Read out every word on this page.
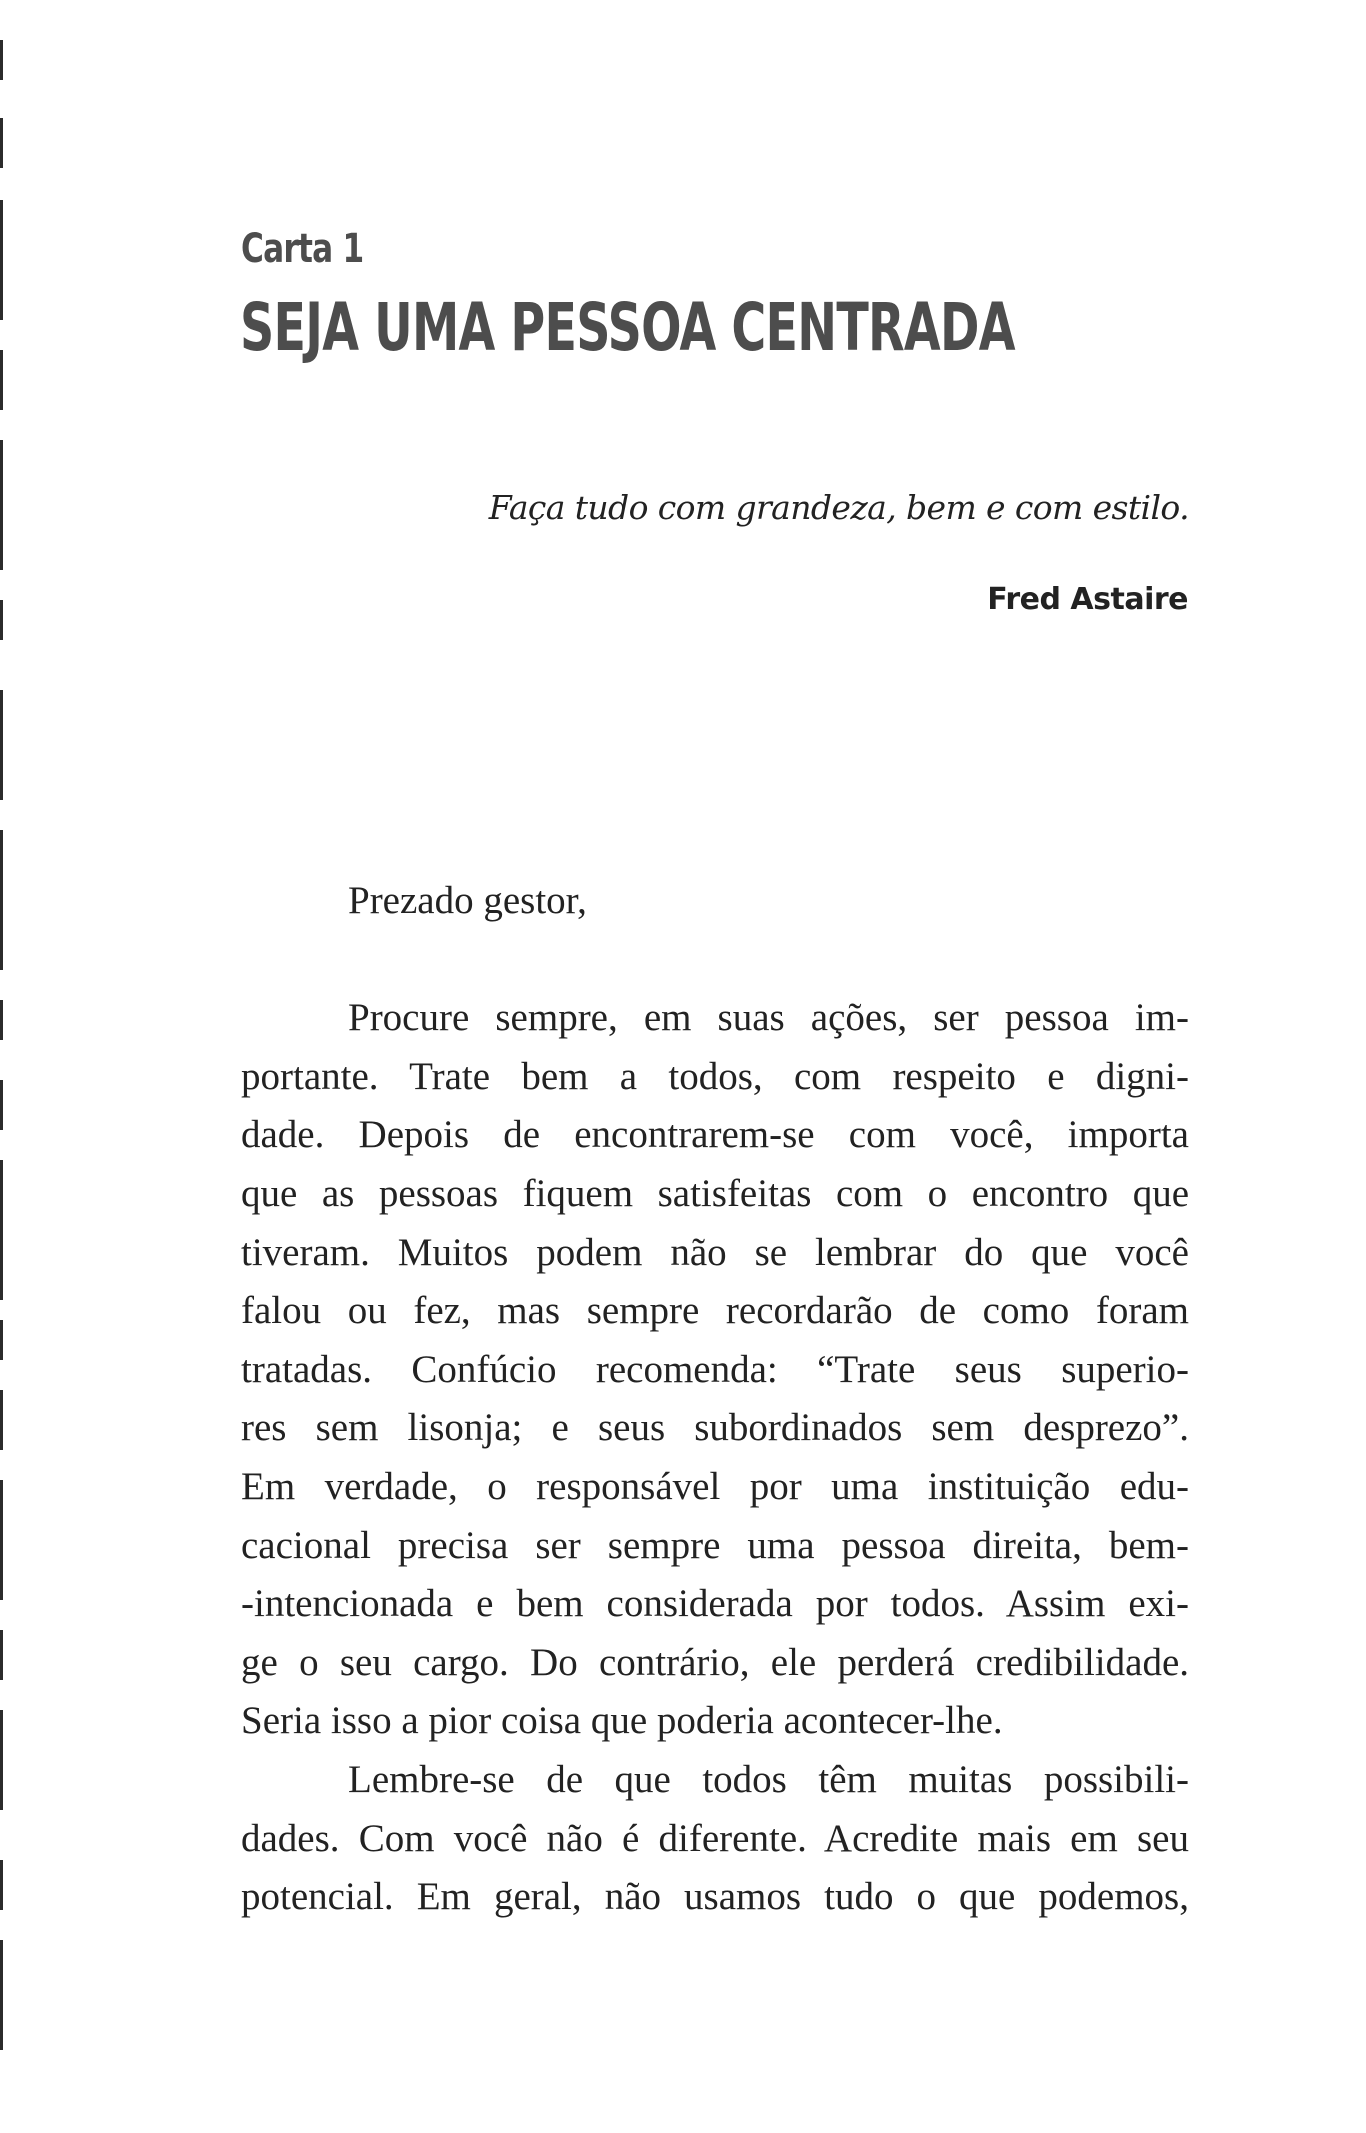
Carta 1
SEJA UMA PESSOA CENTRADA

Faça tudo com grandeza, bem e com estilo.

Fred Astaire

Prezado gestor,

Procure sempre, em suas ações, ser pessoa im-
portante. Trate bem a todos, com respeito e digni-
dade. Depois de encontrarem-se com você, importa
que as pessoas fiquem satisfeitas com o encontro que
tiveram. Muitos podem não se lembrar do que você
falou ou fez, mas sempre recordarão de como foram
tratadas. Confúcio recomenda: “Trate seus superio-
res sem lisonja; e seus subordinados sem desprezo”.
Em verdade, o responsável por uma instituição edu-
cacional precisa ser sempre uma pessoa direita, bem-
-intencionada e bem considerada por todos. Assim exi-
ge o seu cargo. Do contrário, ele perderá credibilidade.
Seria isso a pior coisa que poderia acontecer-lhe.
Lembre-se de que todos têm muitas possibili-
dades. Com você não é diferente. Acredite mais em seu
potencial. Em geral, não usamos tudo o que podemos,
